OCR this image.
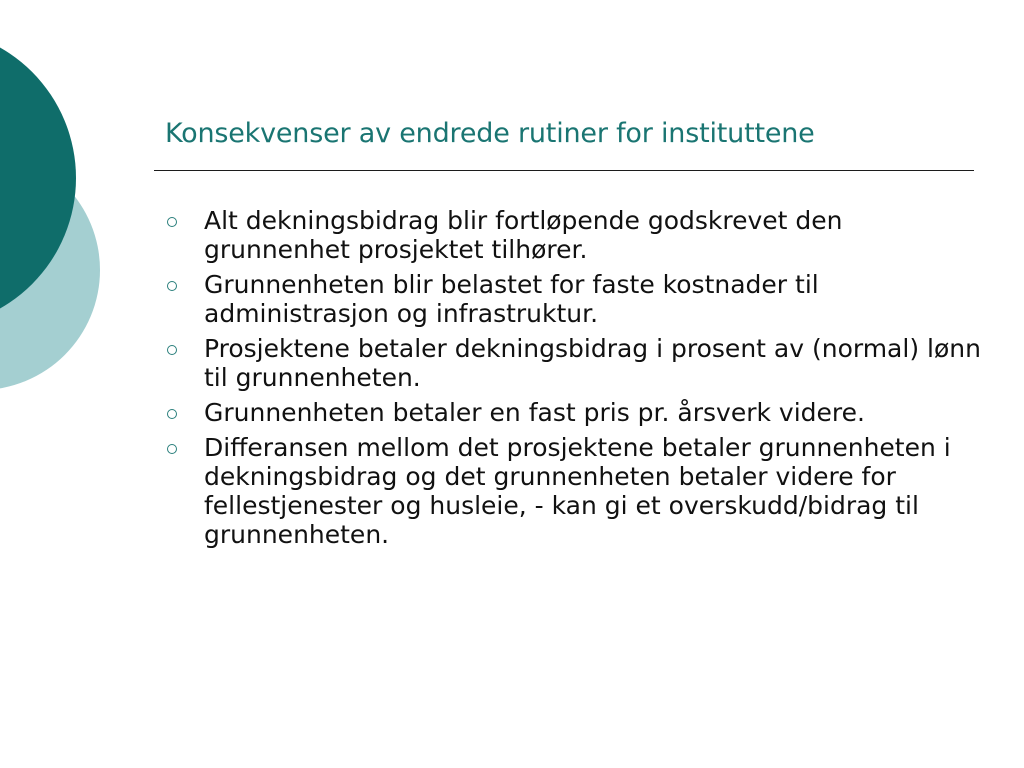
Konsekvenser av endrede rutiner for instituttene
Alt dekningsbidrag blir fortløpende godskrevet den grunnenhet prosjektet tilhører.
Grunnenheten blir belastet for faste kostnader til administrasjon og infrastruktur.
Prosjektene betaler dekningsbidrag i prosent av (normal) lønn til grunnenheten.
Grunnenheten betaler en fast pris pr. årsverk videre.
Differansen mellom det prosjektene betaler grunnenheten i dekningsbidrag og det grunnenheten betaler videre for fellestjenester og husleie, - kan gi et overskudd/bidrag til grunnenheten.
